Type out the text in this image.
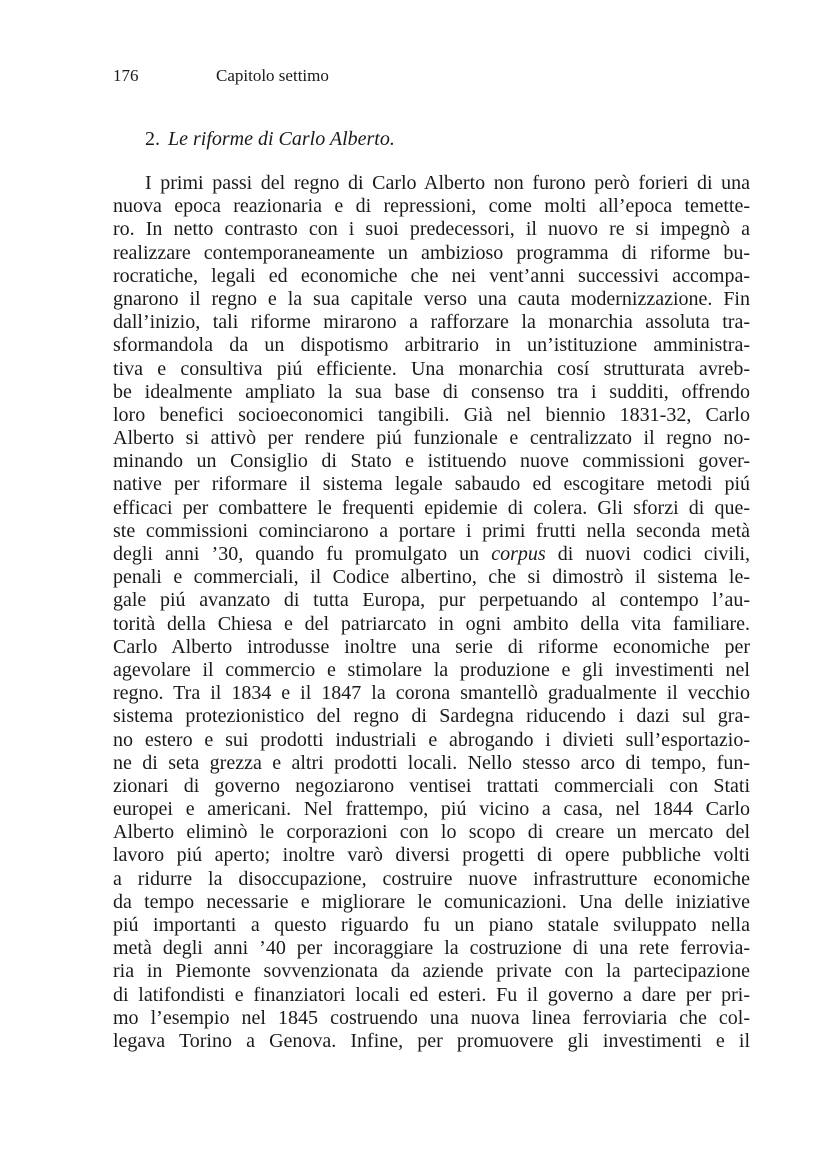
176	Capitolo settimo
2. Le riforme di Carlo Alberto.
I primi passi del regno di Carlo Alberto non furono però forieri di una
nuova epoca reazionaria e di repressioni, come molti all’epoca temette-
ro. In netto contrasto con i suoi predecessori, il nuovo re si impegnò a
realizzare contemporaneamente un ambizioso programma di riforme bu-
rocratiche, legali ed economiche che nei vent’anni successivi accompa-
gnarono il regno e la sua capitale verso una cauta modernizzazione. Fin
dall’inizio, tali riforme mirarono a rafforzare la monarchia assoluta tra-
sformandola da un dispotismo arbitrario in un’istituzione amministra-
tiva e consultiva piú efficiente. Una monarchia cosí strutturata avreb-
be idealmente ampliato la sua base di consenso tra i sudditi, offrendo
loro benefici socioeconomici tangibili. Già nel biennio 1831-32, Carlo
Alberto si attivò per rendere piú funzionale e centralizzato il regno no-
minando un Consiglio di Stato e istituendo nuove commissioni gover-
native per riformare il sistema legale sabaudo ed escogitare metodi piú
efficaci per combattere le frequenti epidemie di colera. Gli sforzi di que-
ste commissioni cominciarono a portare i primi frutti nella seconda metà
degli anni ’30, quando fu promulgato un corpus di nuovi codici civili,
penali e commerciali, il Codice albertino, che si dimostrò il sistema le-
gale piú avanzato di tutta Europa, pur perpetuando al contempo l’au-
torità della Chiesa e del patriarcato in ogni ambito della vita familiare.
Carlo Alberto introdusse inoltre una serie di riforme economiche per
agevolare il commercio e stimolare la produzione e gli investimenti nel
regno. Tra il 1834 e il 1847 la corona smantellò gradualmente il vecchio
sistema protezionistico del regno di Sardegna riducendo i dazi sul gra-
no estero e sui prodotti industriali e abrogando i divieti sull’esportazio-
ne di seta grezza e altri prodotti locali. Nello stesso arco di tempo, fun-
zionari di governo negoziarono ventisei trattati commerciali con Stati
europei e americani. Nel frattempo, piú vicino a casa, nel 1844 Carlo
Alberto eliminò le corporazioni con lo scopo di creare un mercato del
lavoro piú aperto; inoltre varò diversi progetti di opere pubbliche volti
a ridurre la disoccupazione, costruire nuove infrastrutture economiche
da tempo necessarie e migliorare le comunicazioni. Una delle iniziative
piú importanti a questo riguardo fu un piano statale sviluppato nella
metà degli anni ’40 per incoraggiare la costruzione di una rete ferrovia-
ria in Piemonte sovvenzionata da aziende private con la partecipazione
di latifondisti e finanziatori locali ed esteri. Fu il governo a dare per pri-
mo l’esempio nel 1845 costruendo una nuova linea ferroviaria che col-
legava Torino a Genova. Infine, per promuovere gli investimenti e il
